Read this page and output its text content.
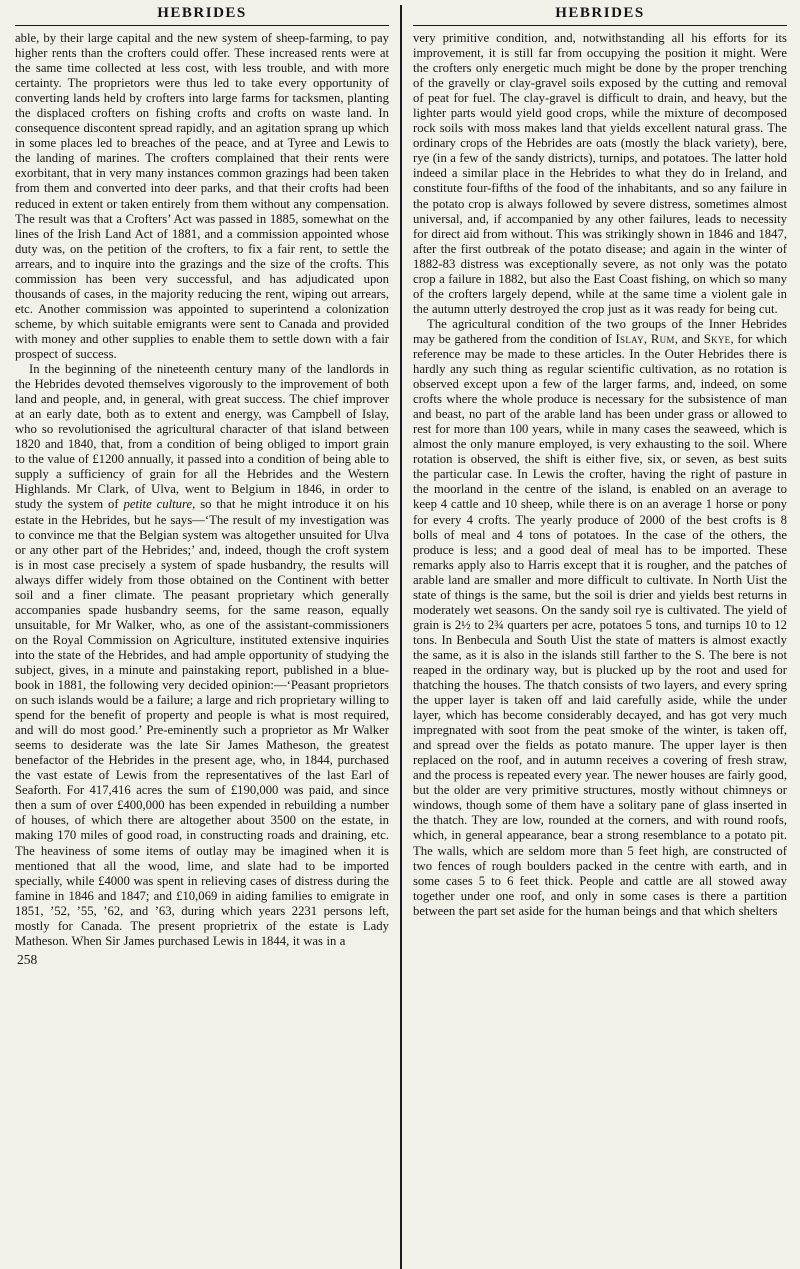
HEBRIDES

able, by their large capital and the new system of sheep-farming, to pay higher rents than the crofters could offer. These increased rents were at the same time collected at less cost, with less trouble, and with more certainty. The proprietors were thus led to take every opportunity of converting lands held by crofters into large farms for tacksmen, planting the displaced crofters on fishing crofts and crofts on waste land. In consequence discontent spread rapidly, and an agitation sprang up which in some places led to breaches of the peace, and at Tyree and Lewis to the landing of marines. The crofters complained that their rents were exorbitant, that in very many instances common grazings had been taken from them and converted into deer parks, and that their crofts had been reduced in extent or taken entirely from them without any compensation. The result was that a Crofters’ Act was passed in 1885, somewhat on the lines of the Irish Land Act of 1881, and a commission appointed whose duty was, on the petition of the crofters, to fix a fair rent, to settle the arrears, and to inquire into the grazings and the size of the crofts. This commission has been very successful, and has adjudicated upon thousands of cases, in the majority reducing the rent, wiping out arrears, etc. Another commission was appointed to superintend a colonization scheme, by which suitable emigrants were sent to Canada and provided with money and other supplies to enable them to settle down with a fair prospect of success.

In the beginning of the nineteenth century many of the landlords in the Hebrides devoted themselves vigorously to the improvement of both land and people, and, in general, with great success. The chief improver at an early date, both as to extent and energy, was Campbell of Islay, who so revolutionised the agricultural character of that island between 1820 and 1840, that, from a condition of being obliged to import grain to the value of £1200 annually, it passed into a condition of being able to supply a sufficiency of grain for all the Hebrides and the Western Highlands. Mr Clark, of Ulva, went to Belgium in 1846, in order to study the system of petite culture, so that he might introduce it on his estate in the Hebrides, but he says—‘The result of my investigation was to convince me that the Belgian system was altogether unsuited for Ulva or any other part of the Hebrides;’ and, indeed, though the croft system is in most case precisely a system of spade husbandry, the results will always differ widely from those obtained on the Continent with better soil and a finer climate. The peasant proprietary which generally accompanies spade husbandry seems, for the same reason, equally unsuitable, for Mr Walker, who, as one of the assistant-commissioners on the Royal Commission on Agriculture, instituted extensive inquiries into the state of the Hebrides, and had ample opportunity of studying the subject, gives, in a minute and painstaking report, published in a blue-book in 1881, the following very decided opinion:—‘Peasant proprietors on such islands would be a failure; a large and rich proprietary willing to spend for the benefit of property and people is what is most required, and will do most good.’ Pre-eminently such a proprietor as Mr Walker seems to desiderate was the late Sir James Matheson, the greatest benefactor of the Hebrides in the present age, who, in 1844, purchased the vast estate of Lewis from the representatives of the last Earl of Seaforth. For 417,416 acres the sum of £190,000 was paid, and since then a sum of over £400,000 has been expended in rebuilding a number of houses, of which there are altogether about 3500 on the estate, in making 170 miles of good road, in constructing roads and draining, etc. The heaviness of some items of outlay may be imagined when it is mentioned that all the wood, lime, and slate had to be imported specially, while £4000 was spent in relieving cases of distress during the famine in 1846 and 1847; and £10,069 in aiding families to emigrate in 1851, ’52, ’55, ’62, and ’63, during which years 2231 persons left, mostly for Canada. The present proprietrix of the estate is Lady Matheson. When Sir James purchased Lewis in 1844, it was in a

258
HEBRIDES

very primitive condition, and, notwithstanding all his efforts for its improvement, it is still far from occupying the position it might. Were the crofters only energetic much might be done by the proper trenching of the gravelly or clay-gravel soils exposed by the cutting and removal of peat for fuel. The clay-gravel is difficult to drain, and heavy, but the lighter parts would yield good crops, while the mixture of decomposed rock soils with moss makes land that yields excellent natural grass. The ordinary crops of the Hebrides are oats (mostly the black variety), bere, rye (in a few of the sandy districts), turnips, and potatoes. The latter hold indeed a similar place in the Hebrides to what they do in Ireland, and constitute four-fifths of the food of the inhabitants, and so any failure in the potato crop is always followed by severe distress, sometimes almost universal, and, if accompanied by any other failures, leads to necessity for direct aid from without. This was strikingly shown in 1846 and 1847, after the first outbreak of the potato disease; and again in the winter of 1882-83 distress was exceptionally severe, as not only was the potato crop a failure in 1882, but also the East Coast fishing, on which so many of the crofters largely depend, while at the same time a violent gale in the autumn utterly destroyed the crop just as it was ready for being cut.

The agricultural condition of the two groups of the Inner Hebrides may be gathered from the condition of Islay, Rum, and Skye, for which reference may be made to these articles. In the Outer Hebrides there is hardly any such thing as regular scientific cultivation, as no rotation is observed except upon a few of the larger farms, and, indeed, on some crofts where the whole produce is necessary for the subsistence of man and beast, no part of the arable land has been under grass or allowed to rest for more than 100 years, while in many cases the seaweed, which is almost the only manure employed, is very exhausting to the soil. Where rotation is observed, the shift is either five, six, or seven, as best suits the particular case. In Lewis the crofter, having the right of pasture in the moorland in the centre of the island, is enabled on an average to keep 4 cattle and 10 sheep, while there is on an average 1 horse or pony for every 4 crofts. The yearly produce of 2000 of the best crofts is 8 bolls of meal and 4 tons of potatoes. In the case of the others, the produce is less; and a good deal of meal has to be imported. These remarks apply also to Harris except that it is rougher, and the patches of arable land are smaller and more difficult to cultivate. In North Uist the state of things is the same, but the soil is drier and yields best returns in moderately wet seasons. On the sandy soil rye is cultivated. The yield of grain is 2½ to 2¾ quarters per acre, potatoes 5 tons, and turnips 10 to 12 tons. In Benbecula and South Uist the state of matters is almost exactly the same, as it is also in the islands still farther to the S. The bere is not reaped in the ordinary way, but is plucked up by the root and used for thatching the houses. The thatch consists of two layers, and every spring the upper layer is taken off and laid carefully aside, while the under layer, which has become considerably decayed, and has got very much impregnated with soot from the peat smoke of the winter, is taken off, and spread over the fields as potato manure. The upper layer is then replaced on the roof, and in autumn receives a covering of fresh straw, and the process is repeated every year. The newer houses are fairly good, but the older are very primitive structures, mostly without chimneys or windows, though some of them have a solitary pane of glass inserted in the thatch. They are low, rounded at the corners, and with round roofs, which, in general appearance, bear a strong resemblance to a potato pit. The walls, which are seldom more than 5 feet high, are constructed of two fences of rough boulders packed in the centre with earth, and in some cases 5 to 6 feet thick. People and cattle are all stowed away together under one roof, and only in some cases is there a partition between the part set aside for the human beings and that which shelters
